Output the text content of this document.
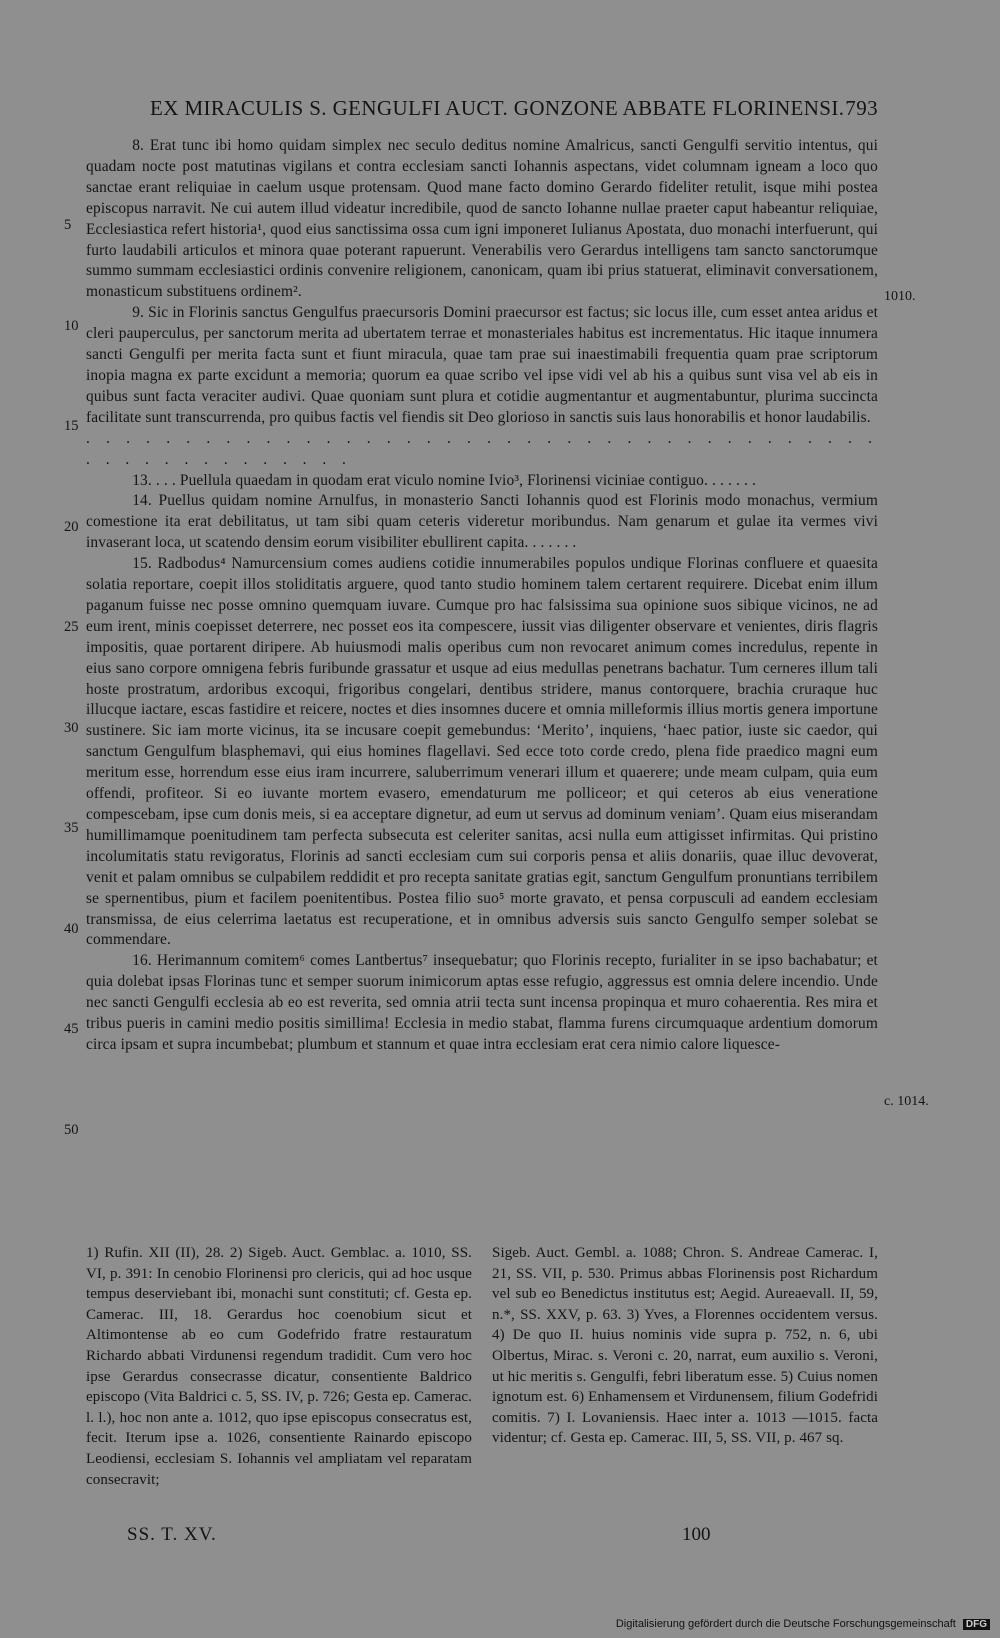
EX MIRACULIS S. GENGULFI AUCT. GONZONE ABBATE FLORINENSI. 793

8. Erat tunc ibi homo quidam simplex nec seculo deditus nomine Amalricus, sancti Gengulfi servitio intentus, qui quadam nocte post matutinas vigilans et contra ecclesiam sancti Iohannis aspectans, videt columnam igneam a loco quo sanctae erant reliquiae in caelum usque protensam. Quod mane facto domino Gerardo fideliter retulit, isque mihi postea episcopus narravit. Ne cui autem illud videatur incredibile, quod de sancto Iohanne nullae praeter caput habeantur reliquiae, Ecclesiastica refert historia¹, quod eius sanctissima ossa cum igni imponeret Iulianus Apostata, duo monachi interfuerunt, qui furto laudabili articulos et minora quae poterant rapuerunt. Venerabilis vero Gerardus intelligens tam sancto sanctorumque summo summam ecclesiastici ordinis convenire religionem, canonicam, quam ibi prius statuerat, eliminavit conversationem, monasticum substituens ordinem².

9. Sic in Florinis sanctus Gengulfus praecursoris Domini praecursor est factus; sic locus ille, cum esset antea aridus et cleri pauperculus, per sanctorum merita ad ubertatem terrae et monasteriales habitus est incrementatus. Hic itaque innumera sancti Gengulfi per merita facta sunt et fiunt miracula, quae tam prae sui inaestimabili frequentia quam prae scriptorum inopia magna ex parte excidunt a memoria; quorum ea quae scribo vel ipse vidi vel ab his a quibus sunt visa vel ab eis in quibus sunt facta veraciter audivi. Quae quoniam sunt plura et cotidie augmentantur et augmentabuntur, plurima succincta facilitate sunt transcurrenda, pro quibus factis vel fiendis sit Deo glorioso in sanctis suis laus honorabilis et honor laudabilis.

. . . . . . . . . . . . . . . . . . . . . . . . . . . . . . . . . . . . . . . . . . . . . . . . . . . . . .

13. . . . Puellula quaedam in quodam erat viculo nomine Ivio³, Florinensi viciniae contiguo. . . . . . .

14. Puellus quidam nomine Arnulfus, in monasterio Sancti Iohannis quod est Florinis modo monachus, vermium comestione ita erat debilitatus, ut tam sibi quam ceteris videretur moribundus. Nam genarum et gulae ita vermes vivi invaserant loca, ut scatendo densim eorum visibiliter ebullirent capita. . . . . . .

15. Radbodus⁴ Namurcensium comes audiens cotidie innumerabiles populos undique Florinas confluere et quaesita solatia reportare, coepit illos stoliditatis arguere, quod tanto studio hominem talem certarent requirere. Dicebat enim illum paganum fuisse nec posse omnino quemquam iuvare. Cumque pro hac falsissima sua opinione suos sibique vicinos, ne ad eum irent, minis coepisset deterrere, nec posset eos ita compescere, iussit vias diligenter observare et venientes, diris flagris impositis, quae portarent diripere. Ab huiusmodi malis operibus cum non revocaret animum comes incredulus, repente in eius sano corpore omnigena febris furibunde grassatur et usque ad eius medullas penetrans bachatur. Tum cerneres illum tali hoste prostratum, ardoribus excoqui, frigoribus congelari, dentibus stridere, manus contorquere, brachia cruraque huc illucque iactare, escas fastidire et reicere, noctes et dies insomnes ducere et omnia milleformis illius mortis genera importune sustinere. Sic iam morte vicinus, ita se incusare coepit gemebundus: ‘Merito’, inquiens, ‘haec patior, iuste sic caedor, qui sanctum Gengulfum blasphemavi, qui eius homines flagellavi. Sed ecce toto corde credo, plena fide praedico magni eum meritum esse, horrendum esse eius iram incurrere, saluberrimum venerari illum et quaerere; unde meam culpam, quia eum offendi, profiteor. Si eo iuvante mortem evasero, emendaturum me polliceor; et qui ceteros ab eius veneratione compescebam, ipse cum donis meis, si ea acceptare dignetur, ad eum ut servus ad dominum veniam’. Quam eius miserandam humillimamque poenitudinem tam perfecta subsecuta est celeriter sanitas, acsi nulla eum attigisset infirmitas. Qui pristino incolumitatis statu revigoratus, Florinis ad sancti ecclesiam cum sui corporis pensa et aliis donariis, quae illuc devoverat, venit et palam omnibus se culpabilem reddidit et pro recepta sanitate gratias egit, sanctum Gengulfum pronuntians terribilem se spernentibus, pium et facilem poenitentibus. Postea filio suo⁵ morte gravato, et pensa corpusculi ad eandem ecclesiam transmissa, de eius celerrima laetatus est recuperatione, et in omnibus adversis suis sancto Gengulfo semper solebat se commendare.

16. Herimannum comitem⁶ comes Lantbertus⁷ insequebatur; quo Florinis recepto, furialiter in se ipso bachabatur; et quia dolebat ipsas Florinas tunc et semper suorum inimicorum aptas esse refugio, aggressus est omnia delere incendio. Unde nec sancti Gengulfi ecclesia ab eo est reverita, sed omnia atrii tecta sunt incensa propinqua et muro cohaerentia. Res mira et tribus pueris in camini medio positis simillima! Ecclesia in medio stabat, flamma furens circumquaque ardentium domorum circa ipsam et supra incumbebat; plumbum et stannum et quae intra ecclesiam erat cera nimio calore liquesce-

5
10
15
20
25
30
35
40
45
50
1010.
c. 1014.
1) Rufin. XII (II), 28. 2) Sigeb. Auct. Gemblac. a. 1010, SS. VI, p. 391: In cenobio Florinensi pro clericis, qui ad hoc usque tempus deserviebant ibi, monachi sunt constituti; cf. Gesta ep. Camerac. III, 18. Gerardus hoc coenobium sicut et Altimontense ab eo cum Godefrido fratre restauratum Richardo abbati Virdunensi regendum tradidit. Cum vero hoc ipse Gerardus consecrasse dicatur, consentiente Baldrico episcopo (Vita Baldrici c. 5, SS. IV, p. 726; Gesta ep. Camerac. l. l.), hoc non ante a. 1012, quo ipse episcopus consecratus est, fecit. Iterum ipse a. 1026, consentiente Rainardo episcopo Leodiensi, ecclesiam S. Iohannis vel ampliatam vel reparatam consecravit;
Sigeb. Auct. Gembl. a. 1088; Chron. S. Andreae Camerac. I, 21, SS. VII, p. 530. Primus abbas Florinensis post Richardum vel sub eo Benedictus institutus est; Aegid. Aureaevall. II, 59, n.*, SS. XXV, p. 63. 3) Yves, a Florennes occidentem versus. 4) De quo II. huius nominis vide supra p. 752, n. 6, ubi Olbertus, Mirac. s. Veroni c. 20, narrat, eum auxilio s. Veroni, ut hic meritis s. Gengulfi, febri liberatum esse. 5) Cuius nomen ignotum est. 6) Enhamensem et Virdunensem, filium Godefridi comitis. 7) I. Lovaniensis. Haec inter a. 1013 —1015. facta videntur; cf. Gesta ep. Camerac. III, 5, SS. VII, p. 467 sq.
SS. T. XV.	100
Digitalisierung gefördert durch die Deutsche Forschungsgemeinschaft DFG
